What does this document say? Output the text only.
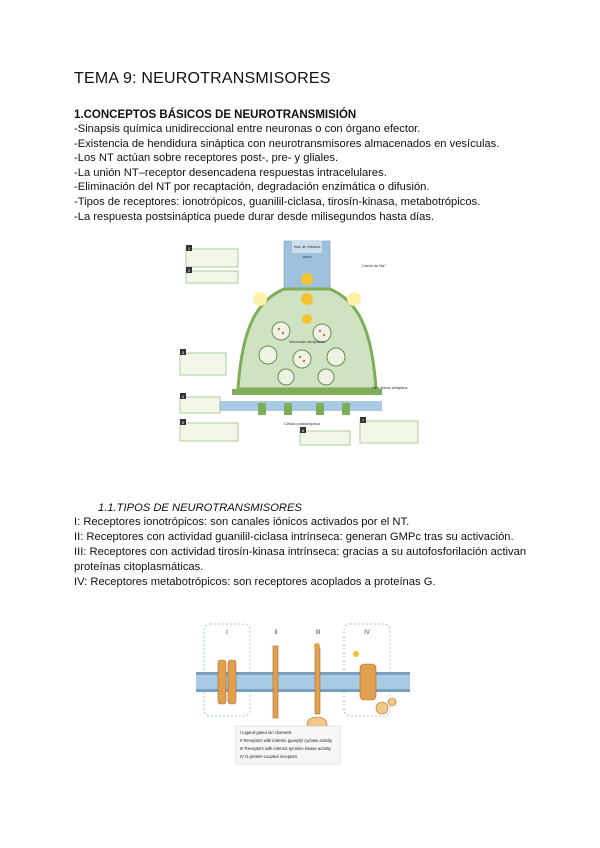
TEMA 9: NEUROTRANSMISORES
1.CONCEPTOS BÁSICOS DE NEUROTRANSMISIÓN
-Sinapsis química unidireccional entre neuronas o con órgano efector.
-Existencia de hendidura sináptica con neurotransmisores almacenados en vesículas.
-Los NT actúan sobre receptores post-, pre- y gliales.
-La unión NT–receptor desencadena respuestas intracelulares.
-Eliminación del NT por recaptación, degradación enzimática o difusión.
-Tipos de receptores: ionotrópicos, guanilil-ciclasa, tirosín-kinasa, metabotrópicos.
-La respuesta postsináptica puede durar desde milisegundos hasta días.
Haz de túbulos
Axón
Vesículas sinápticas
Hendidura sináptica
Célula postsináptica
Canal de Na⁺
1
2
3
4
5
6
7
1.1.TIPOS DE NEUROTRANSMISORES
I: Receptores ionotrópicos: son canales iónicos activados por el NT.
II: Receptores con actividad guanilil-ciclasa intrínseca: generan GMPc tras su activación.
III: Receptores con actividad tirosín-kinasa intrínseca: gracias a su autofosforilación activan proteínas citoplasmáticas.
IV: Receptores metabotrópicos: son receptores acoplados a proteínas G.
I	II	III	IV
I Ligand-gated ion channels
II Receptors with intrinsic guanylyl cyclase activity
III Receptors with intrinsic tyrosine kinase activity
IV G protein-coupled receptors
